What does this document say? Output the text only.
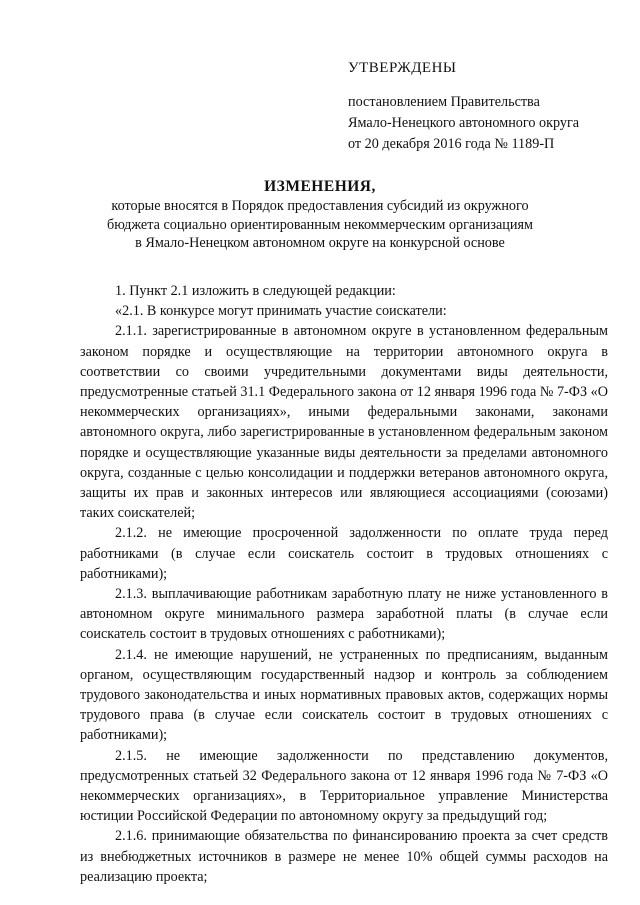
УТВЕРЖДЕНЫ
постановлением Правительства
Ямало-Ненецкого автономного округа
от 20 декабря 2016 года № 1189-П
ИЗМЕНЕНИЯ,
которые вносятся в Порядок предоставления субсидий из окружного
бюджета социально ориентированным некоммерческим организациям
в Ямало-Ненецком автономном округе на конкурсной основе

1. Пункт 2.1 изложить в следующей редакции:

«2.1. В конкурсе могут принимать участие соискатели:

2.1.1. зарегистрированные в автономном округе в установленном федеральным законом порядке и осуществляющие на территории автономного округа в соответствии со своими учредительными документами виды деятельности, предусмотренные статьей 31.1 Федерального закона от 12 января 1996 года № 7-ФЗ «О некоммерческих организациях», иными федеральными законами, законами автономного округа, либо зарегистрированные в установленном федеральным законом порядке и осуществляющие указанные виды деятельности за пределами автономного округа, созданные с целью консолидации и поддержки ветеранов автономного округа, защиты их прав и законных интересов или являющиеся ассоциациями (союзами) таких соискателей;

2.1.2. не имеющие просроченной задолженности по оплате труда перед работниками (в случае если соискатель состоит в трудовых отношениях с работниками);

2.1.3. выплачивающие работникам заработную плату не ниже установленного в автономном округе минимального размера заработной платы (в случае если соискатель состоит в трудовых отношениях с работниками);

2.1.4. не имеющие нарушений, не устраненных по предписаниям, выданным органом, осуществляющим государственный надзор и контроль за соблюдением трудового законодательства и иных нормативных правовых актов, содержащих нормы трудового права (в случае если соискатель состоит в трудовых отношениях с работниками);

2.1.5. не имеющие задолженности по представлению документов, предусмотренных статьей 32 Федерального закона от 12 января 1996 года № 7-ФЗ «О некоммерческих организациях», в Территориальное управление Министерства юстиции Российской Федерации по автономному округу за предыдущий год;

2.1.6. принимающие обязательства по финансированию проекта за счет средств из внебюджетных источников в размере не менее 10% общей суммы расходов на реализацию проекта;
